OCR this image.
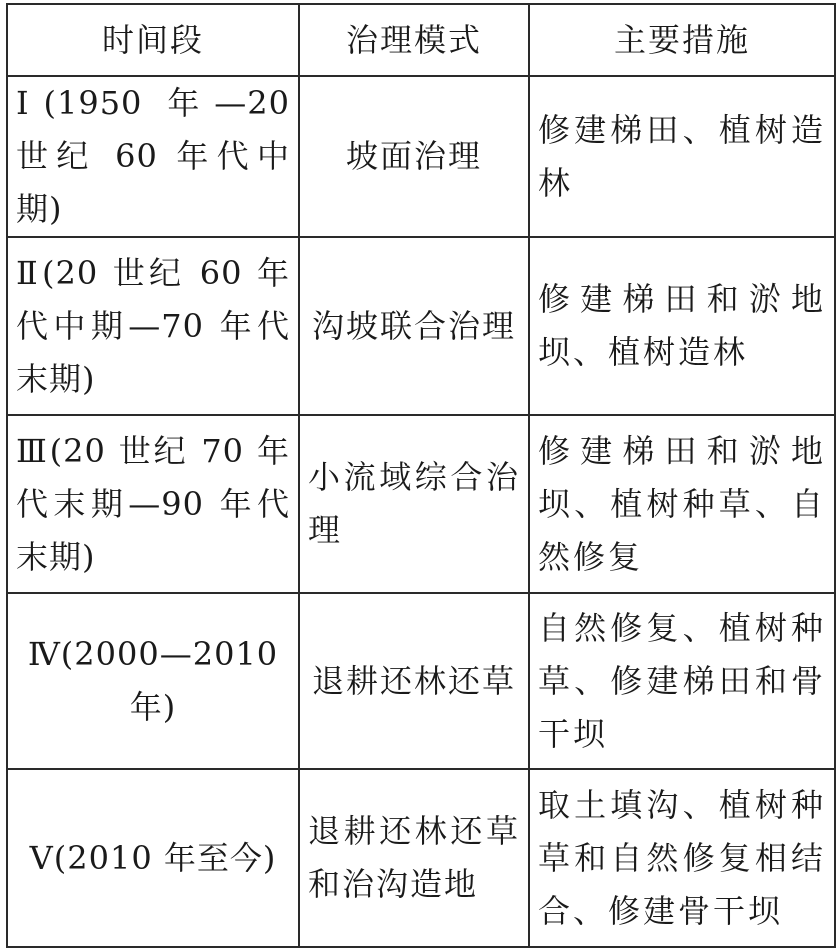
时间段	治理模式	主要措施
Ⅰ(1950 年—20 世纪 60 年代中期)	坡面治理	修建梯田、植树造林
Ⅱ(20 世纪 60 年代中期—70 年代末期)	沟坡联合治理	修建梯田和淤地坝、植树造林
Ⅲ(20 世纪 70 年代末期—90 年代末期)	小流域综合治理	修建梯田和淤地坝、植树种草、自然修复
Ⅳ(2000—2010 年)	退耕还林还草	自然修复、植树种草、修建梯田和骨干坝
Ⅴ(2010 年至今)	退耕还林还草和治沟造地	取土填沟、植树种草和自然修复相结合、修建骨干坝
